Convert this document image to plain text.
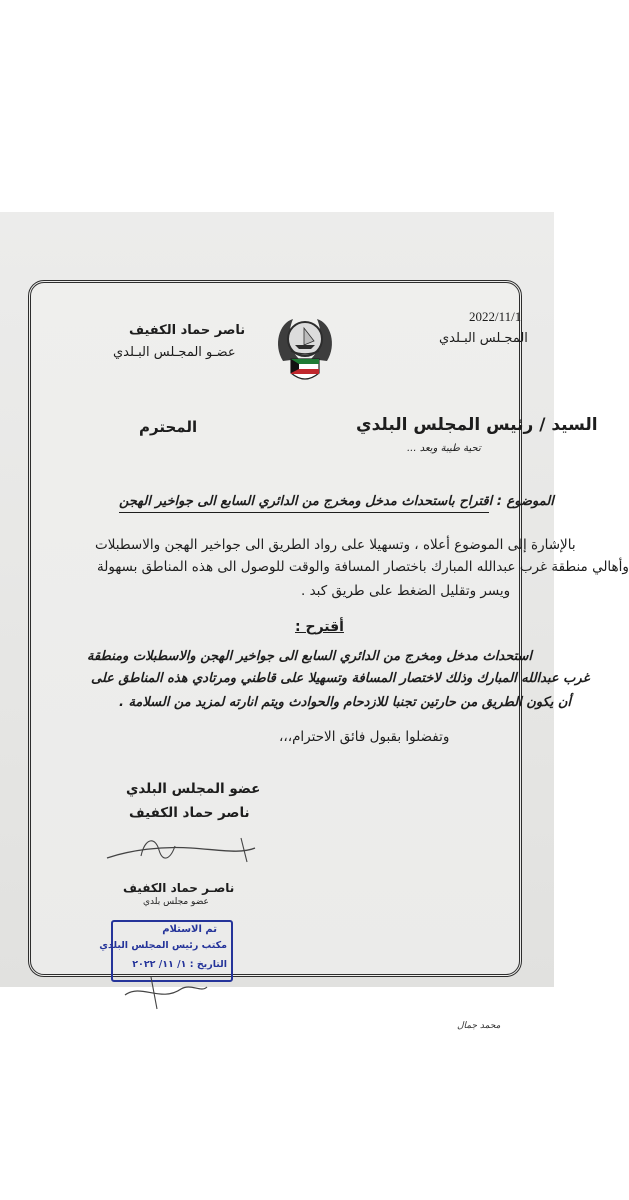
2022/11/1
المجـلس البـلدي
ناصر حماد الكفيف
عضـو المجـلس البـلدي
السيد / رئيس المجلس البلدي
المحترم
تحية طيبة وبعد ...
الموضوع : اقتراح باستحداث مدخل ومخرج من الدائري السابع الى جواخير الهجن
بالإشارة إلى الموضوع أعلاه ، وتسهيلا على رواد الطريق الى جواخير الهجن والاسطبلات
وأهالي منطقة غرب عبدالله المبارك باختصار المسافة والوقت للوصول الى هذه المناطق بسهولة
ويسر وتقليل الضغط على طريق كبد .
أقترح :
استحداث مدخل ومخرج من الدائري السابع الى جواخير الهجن والاسطبلات ومنطقة
غرب عبدالله المبارك وذلك لاختصار المسافة وتسهيلا على قاطني ومرتادي هذه المناطق على
أن يكون الطريق من حارتين تجنبا للازدحام والحوادث ويتم انارته لمزيد من السلامة .
وتفضلوا بقبول فائق الاحترام،،،
عضو المجلس البلدي
ناصر حماد الكفيف
ناصـر حماد الكفيف
عضو مجلس بلدي
تم الاستلام
مكتب رئيس المجلس البلدي
التاريخ : ١/ ١١/ ٢٠٢٢
محمد جمال
